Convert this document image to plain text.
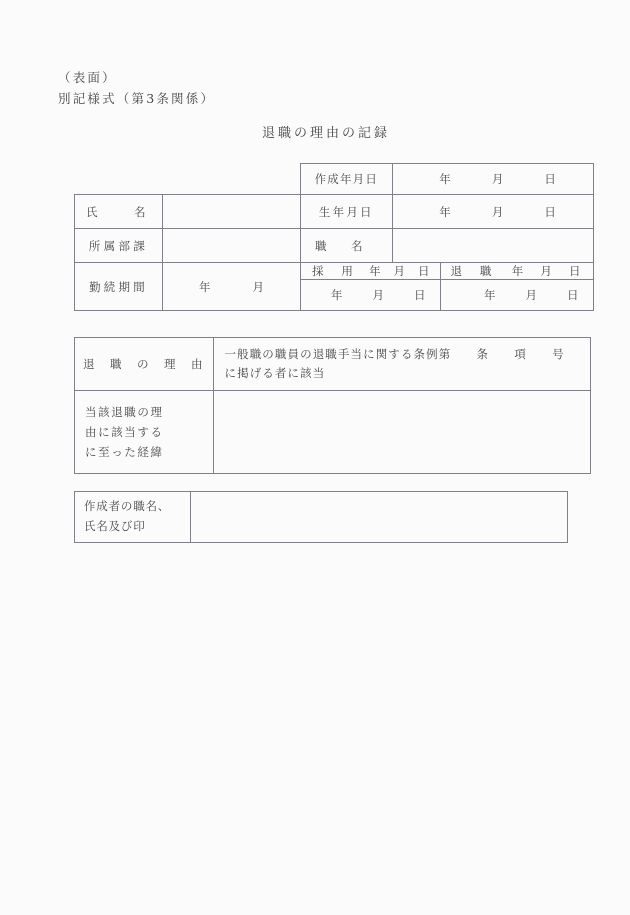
（表面）
別記様式（第3条関係）
退職の理由の記録

作成年月日	年 月 日	

氏　　　名		生年月日	年 月 日	

所属部課		職　　名		

勤続期間	年 月	採　用 年 月 日		退　職 年 月 日

		年 月 日		年 月 日
退　職　の　理　由	一般職の職員の退職手当に関する条例第　　条　　項　　号
に掲げる者に該当

当該退職の理
由に該当する
に至った経緯	

作成者の職名、
氏名及び印
